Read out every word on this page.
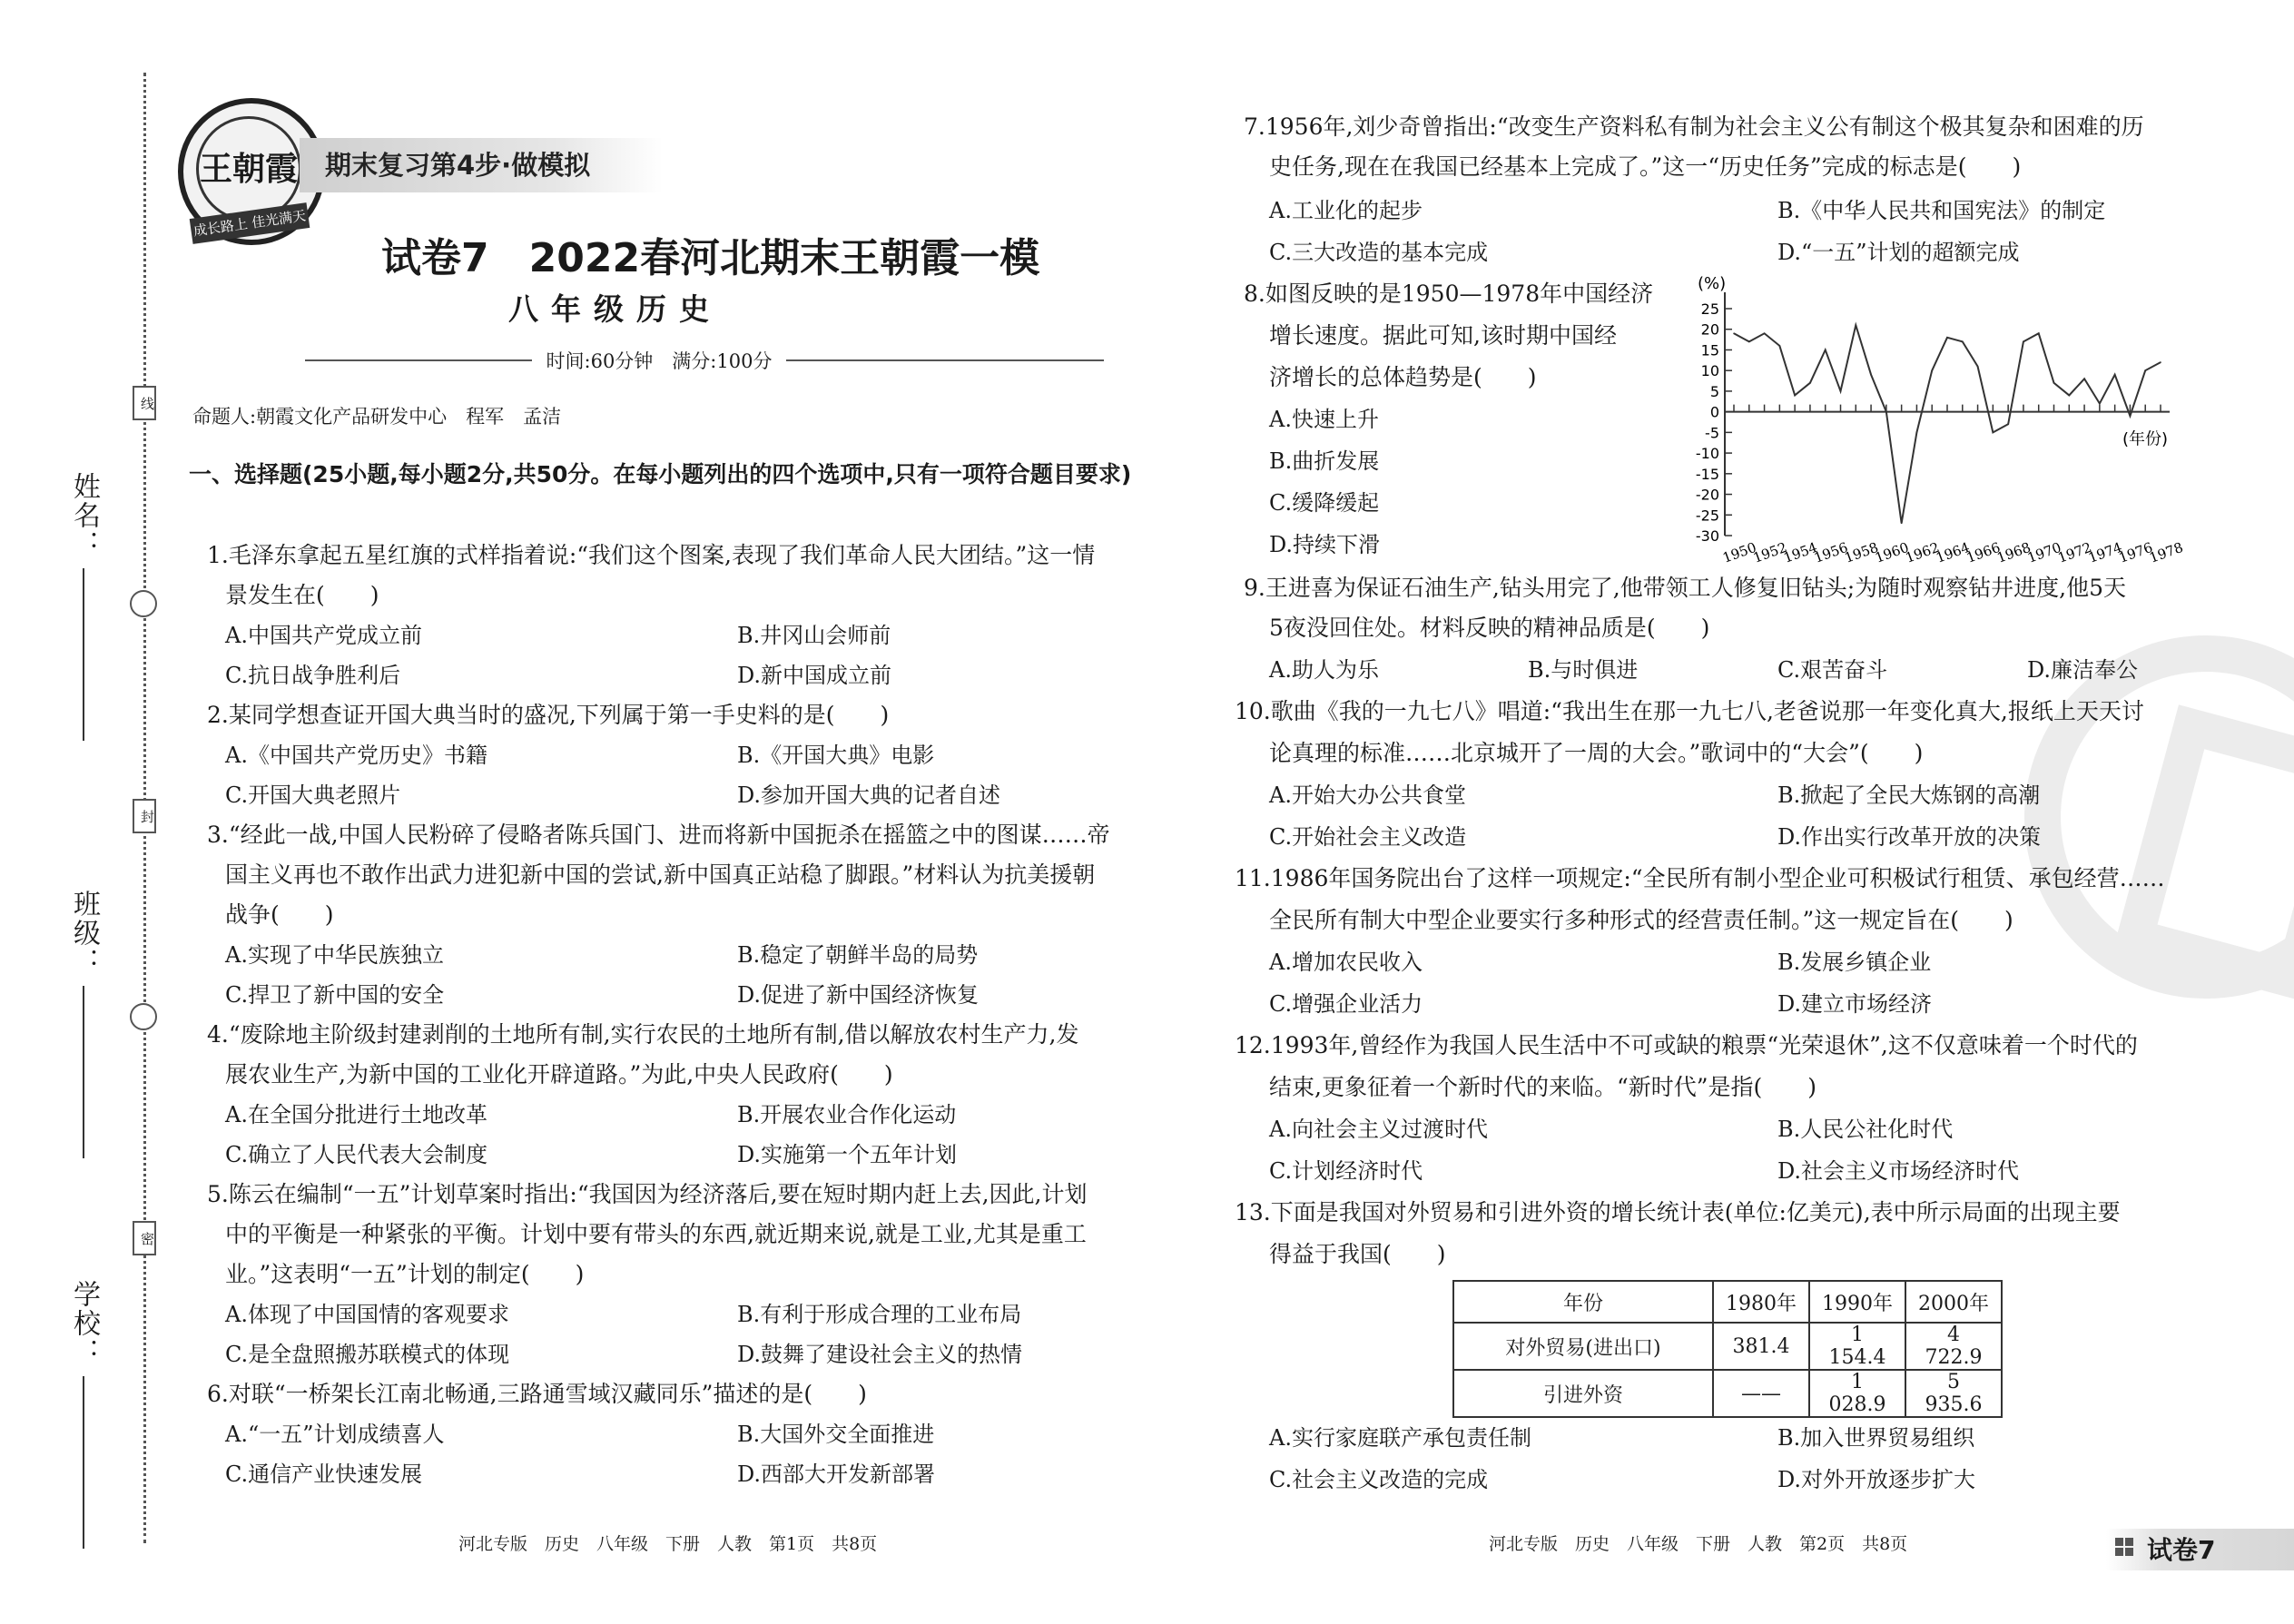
姓名：
班级：
学校：
线
封
密
王朝霞
成长路上 佳光满天
期末复习第4步·做模拟
试卷7　2022春河北期末王朝霞一模
八年级历史
时间:60分钟　满分:100分
命题人:朝霞文化产品研发中心　程军　孟洁
一、选择题(25小题,每小题2分,共50分。在每小题列出的四个选项中,只有一项符合题目要求)
1.毛泽东拿起五星红旗的式样指着说:“我们这个图案,表现了我们革命人民大团结。”这一情
景发生在(　　)
A.中国共产党成立前	B.井冈山会师前
C.抗日战争胜利后	D.新中国成立前
2.某同学想查证开国大典当时的盛况,下列属于第一手史料的是(　　)
A.《中国共产党历史》书籍	B.《开国大典》电影
C.开国大典老照片	D.参加开国大典的记者自述
3.“经此一战,中国人民粉碎了侵略者陈兵国门、进而将新中国扼杀在摇篮之中的图谋……帝
国主义再也不敢作出武力进犯新中国的尝试,新中国真正站稳了脚跟。”材料认为抗美援朝
战争(　　)
A.实现了中华民族独立	B.稳定了朝鲜半岛的局势
C.捍卫了新中国的安全	D.促进了新中国经济恢复
4.“废除地主阶级封建剥削的土地所有制,实行农民的土地所有制,借以解放农村生产力,发
展农业生产,为新中国的工业化开辟道路。”为此,中央人民政府(　　)
A.在全国分批进行土地改革	B.开展农业合作化运动
C.确立了人民代表大会制度	D.实施第一个五年计划
5.陈云在编制“一五”计划草案时指出:“我国因为经济落后,要在短时期内赶上去,因此,计划
中的平衡是一种紧张的平衡。计划中要有带头的东西,就近期来说,就是工业,尤其是重工
业。”这表明“一五”计划的制定(　　)
A.体现了中国国情的客观要求	B.有利于形成合理的工业布局
C.是全盘照搬苏联模式的体现	D.鼓舞了建设社会主义的热情
6.对联“一桥架长江南北畅通,三路通雪域汉藏同乐”描述的是(　　)
A.“一五”计划成绩喜人	B.大国外交全面推进
C.通信产业快速发展	D.西部大开发新部署
7.1956年,刘少奇曾指出:“改变生产资料私有制为社会主义公有制这个极其复杂和困难的历
史任务,现在在我国已经基本上完成了。”这一“历史任务”完成的标志是(　　)
A.工业化的起步	B.《中华人民共和国宪法》的制定
C.三大改造的基本完成	D.“一五”计划的超额完成
8.如图反映的是1950—1978年中国经济
增长速度。据此可知,该时期中国经
济增长的总体趋势是(　　)
A.快速上升
B.曲折发展
C.缓降缓起
D.持续下滑
(%)
(年份)
25
20
15
10
5
0
-5
-10
-15
-20
-25
-30
1950
1952
1954
1956
1958
1960
1962
1964
1966
1968
1970
1972
1974
1976
1978
9.王进喜为保证石油生产,钻头用完了,他带领工人修复旧钻头;为随时观察钻井进度,他5天
5夜没回住处。材料反映的精神品质是(　　)
A.助人为乐	B.与时俱进	C.艰苦奋斗	D.廉洁奉公
10.歌曲《我的一九七八》唱道:“我出生在那一九七八,老爸说那一年变化真大,报纸上天天讨
论真理的标准……北京城开了一周的大会。”歌词中的“大会”(　　)
A.开始大办公共食堂	B.掀起了全民大炼钢的高潮
C.开始社会主义改造	D.作出实行改革开放的决策
11.1986年国务院出台了这样一项规定:“全民所有制小型企业可积极试行租赁、承包经营……
全民所有制大中型企业要实行多种形式的经营责任制。”这一规定旨在(　　)
A.增加农民收入	B.发展乡镇企业
C.增强企业活力	D.建立市场经济
12.1993年,曾经作为我国人民生活中不可或缺的粮票“光荣退休”,这不仅意味着一个时代的
结束,更象征着一个新时代的来临。“新时代”是指(　　)
A.向社会主义过渡时代	B.人民公社化时代
C.计划经济时代	D.社会主义市场经济时代
13.下面是我国对外贸易和引进外资的增长统计表(单位:亿美元),表中所示局面的出现主要
得益于我国(　　)
A.实行家庭联产承包责任制	B.加入世界贸易组织
C.社会主义改造的完成	D.对外开放逐步扩大
年份	1980年	1990年	2000年
对外贸易(进出口)	381.4	1 154.4	4 722.9
引进外资	——	1 028.9	5 935.6
河北专版　历史　八年级　下册　人教　第1页　共8页	河北专版　历史　八年级　下册　人教　第2页　共8页	试卷7
